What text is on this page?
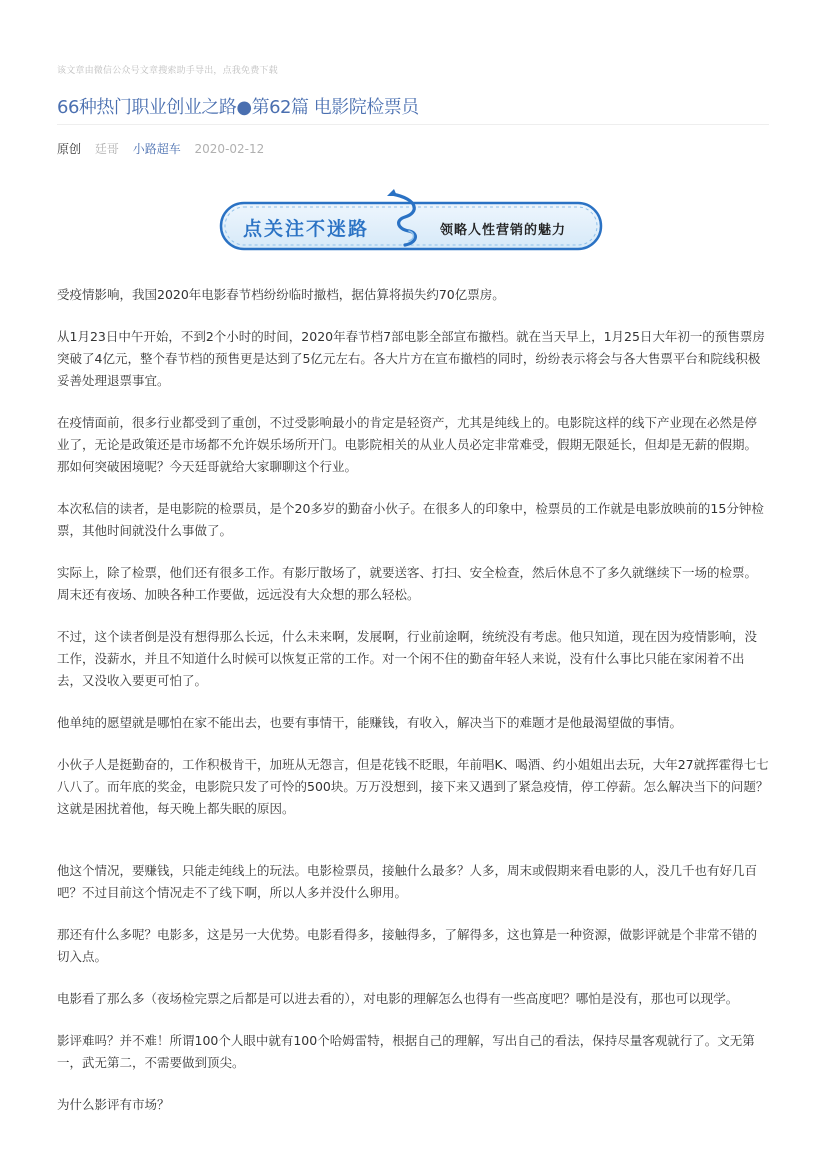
该文章由微信公众号文章搜索助手导出，点我免费下载
66种热门职业创业之路●第62篇 电影院检票员
原创 廷哥 小路超车 2020-02-12
点关注不迷路	领略人性营销的魅力

受疫情影响，我国2020年电影春节档纷纷临时撤档，据估算将损失约70亿票房。

从1月23日中午开始，不到2个小时的时间，2020年春节档7部电影全部宣布撤档。就在当天早上，1月25日大年初一的预售票房突破了4亿元，整个春节档的预售更是达到了5亿元左右。各大片方在宣布撤档的同时，纷纷表示将会与各大售票平台和院线积极妥善处理退票事宜。

在疫情面前，很多行业都受到了重创，不过受影响最小的肯定是轻资产，尤其是纯线上的。电影院这样的线下产业现在必然是停业了，无论是政策还是市场都不允许娱乐场所开门。电影院相关的从业人员必定非常难受，假期无限延长，但却是无薪的假期。那如何突破困境呢？今天廷哥就给大家聊聊这个行业。

本次私信的读者，是电影院的检票员，是个20多岁的勤奋小伙子。在很多人的印象中，检票员的工作就是电影放映前的15分钟检票，其他时间就没什么事做了。

实际上，除了检票，他们还有很多工作。有影厅散场了，就要送客、打扫、安全检查，然后休息不了多久就继续下一场的检票。周末还有夜场、加映各种工作要做，远远没有大众想的那么轻松。

不过，这个读者倒是没有想得那么长远，什么未来啊，发展啊，行业前途啊，统统没有考虑。他只知道，现在因为疫情影响，没工作，没薪水，并且不知道什么时候可以恢复正常的工作。对一个闲不住的勤奋年轻人来说，没有什么事比只能在家闲着不出去，又没收入要更可怕了。

他单纯的愿望就是哪怕在家不能出去，也要有事情干，能赚钱，有收入，解决当下的难题才是他最渴望做的事情。

小伙子人是挺勤奋的，工作积极肯干，加班从无怨言，但是花钱不眨眼，年前唱K、喝酒、约小姐姐出去玩，大年27就挥霍得七七八八了。而年底的奖金，电影院只发了可怜的500块。万万没想到，接下来又遇到了紧急疫情，停工停薪。怎么解决当下的问题？这就是困扰着他，每天晚上都失眠的原因。

他这个情况，要赚钱，只能走纯线上的玩法。电影检票员，接触什么最多？人多，周末或假期来看电影的人，没几千也有好几百吧？不过目前这个情况走不了线下啊，所以人多并没什么卵用。

那还有什么多呢？电影多，这是另一大优势。电影看得多，接触得多，了解得多，这也算是一种资源，做影评就是个非常不错的切入点。

电影看了那么多（夜场检完票之后都是可以进去看的），对电影的理解怎么也得有一些高度吧？哪怕是没有，那也可以现学。

影评难吗？并不难！所谓100个人眼中就有100个哈姆雷特，根据自己的理解，写出自己的看法，保持尽量客观就行了。文无第一，武无第二，不需要做到顶尖。

为什么影评有市场？
